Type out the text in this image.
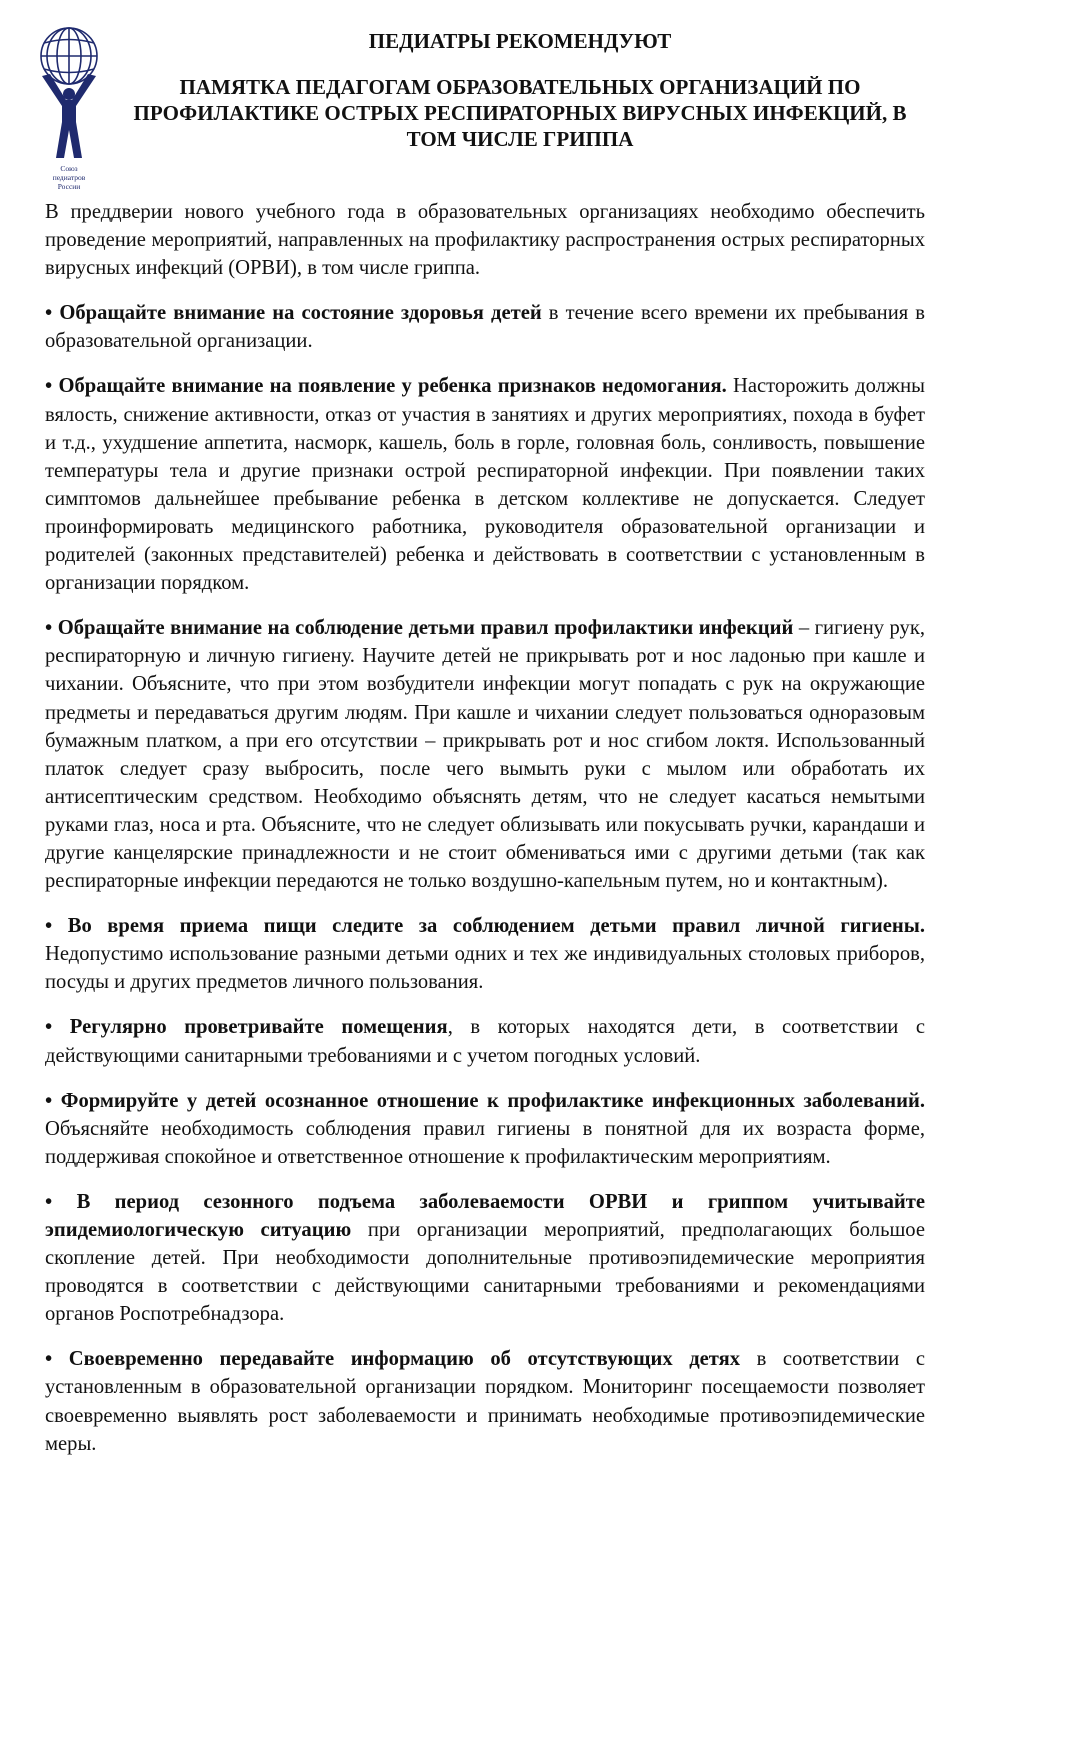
Союз
педиатров
России
ПЕДИАТРЫ РЕКОМЕНДУЮТ
ПАМЯТКА ПЕДАГОГАМ ОБРАЗОВАТЕЛЬНЫХ ОРГАНИЗАЦИЙ ПО ПРОФИЛАКТИКЕ ОСТРЫХ РЕСПИРАТОРНЫХ ВИРУСНЫХ ИНФЕКЦИЙ, В ТОМ ЧИСЛЕ ГРИППА

В преддверии нового учебного года в образовательных организациях необходимо обеспечить проведение мероприятий, направленных на профилактику распространения острых респираторных вирусных инфекций (ОРВИ), в том числе гриппа.

• Обращайте внимание на состояние здоровья детей в течение всего времени их пребывания в образовательной организации.

• Обращайте внимание на появление у ребенка признаков недомогания. Насторожить должны вялость, снижение активности, отказ от участия в занятиях и других мероприятиях, похода в буфет и т.д., ухудшение аппетита, насморк, кашель, боль в горле, головная боль, сонливость, повышение температуры тела и другие признаки острой респираторной инфекции. При появлении таких симптомов дальнейшее пребывание ребенка в детском коллективе не допускается. Следует проинформировать медицинского работника, руководителя образовательной организации и родителей (законных представителей) ребенка и действовать в соответствии с установленным в организации порядком.

• Обращайте внимание на соблюдение детьми правил профилактики инфекций – гигиену рук, респираторную и личную гигиену. Научите детей не прикрывать рот и нос ладонью при кашле и чихании. Объясните, что при этом возбудители инфекции могут попадать с рук на окружающие предметы и передаваться другим людям. При кашле и чихании следует пользоваться одноразовым бумажным платком, а при его отсутствии – прикрывать рот и нос сгибом локтя. Использованный платок следует сразу выбросить, после чего вымыть руки с мылом или обработать их антисептическим средством. Необходимо объяснять детям, что не следует касаться немытыми руками глаз, носа и рта. Объясните, что не следует облизывать или покусывать ручки, карандаши и другие канцелярские принадлежности и не стоит обмениваться ими с другими детьми (так как респираторные инфекции передаются не только воздушно-капельным путем, но и контактным).

• Во время приема пищи следите за соблюдением детьми правил личной гигиены. Недопустимо использование разными детьми одних и тех же индивидуальных столовых приборов, посуды и других предметов личного пользования.

• Регулярно проветривайте помещения, в которых находятся дети, в соответствии с действующими санитарными требованиями и с учетом погодных условий.

• Формируйте у детей осознанное отношение к профилактике инфекционных заболеваний. Объясняйте необходимость соблюдения правил гигиены в понятной для их возраста форме, поддерживая спокойное и ответственное отношение к профилактическим мероприятиям.

• В период сезонного подъема заболеваемости ОРВИ и гриппом учитывайте эпидемиологическую ситуацию при организации мероприятий, предполагающих большое скопление детей. При необходимости дополнительные противоэпидемические мероприятия проводятся в соответствии с действующими санитарными требованиями и рекомендациями органов Роспотребнадзора.

• Своевременно передавайте информацию об отсутствующих детях в соответствии с установленным в образовательной организации порядком. Мониторинг посещаемости позволяет своевременно выявлять рост заболеваемости и принимать необходимые противоэпидемические меры.
